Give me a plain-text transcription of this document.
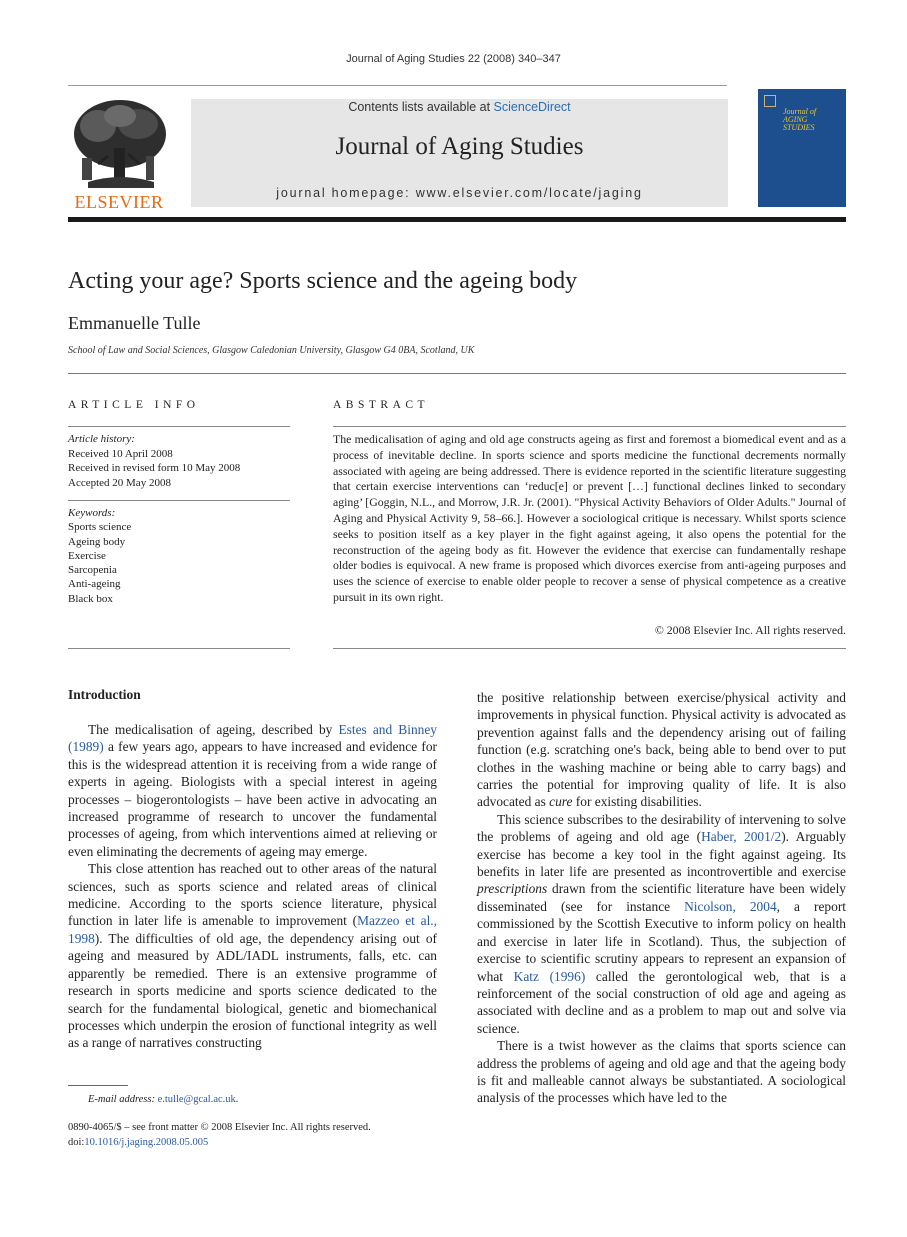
Journal of Aging Studies 22 (2008) 340–347
ELSEVIER
Contents lists available at ScienceDirect
Journal of Aging Studies
journal homepage: www.elsevier.com/locate/jaging
Journal of AGING STUDIES
Acting your age? Sports science and the ageing body
Emmanuelle Tulle
School of Law and Social Sciences, Glasgow Caledonian University, Glasgow G4 0BA, Scotland, UK
ARTICLE INFO
Article history:
Received 10 April 2008
Received in revised form 10 May 2008
Accepted 20 May 2008
Keywords:
Sports science
Ageing body
Exercise
Sarcopenia
Anti-ageing
Black box
ABSTRACT
The medicalisation of aging and old age constructs ageing as first and foremost a biomedical event and as a process of inevitable decline. In sports science and sports medicine the functional decrements normally associated with ageing are being addressed. There is evidence reported in the scientific literature suggesting that certain exercise interventions can ‘reduc[e] or prevent […] functional declines linked to secondary aging’ [Goggin, N.L., and Morrow, J.R. Jr. (2001). "Physical Activity Behaviors of Older Adults." Journal of Aging and Physical Activity 9, 58–66.]. However a sociological critique is necessary. Whilst sports science seeks to position itself as a key player in the fight against ageing, it also opens the potential for the reconstruction of the ageing body as fit. However the evidence that exercise can fundamentally reshape older bodies is equivocal. A new frame is proposed which divorces exercise from anti-ageing purposes and uses the science of exercise to enable older people to recover a sense of physical competence as a creative pursuit in its own right.
© 2008 Elsevier Inc. All rights reserved.
Introduction

The medicalisation of ageing, described by Estes and Binney (1989) a few years ago, appears to have increased and evidence for this is the widespread attention it is receiving from a wide range of experts in ageing. Biologists with a special interest in ageing processes – biogerontologists – have been active in advocating an increased programme of research to uncover the fundamental processes of ageing, from which interventions aimed at relieving or even eliminating the decrements of ageing may emerge.

This close attention has reached out to other areas of the natural sciences, such as sports science and related areas of clinical medicine. According to the sports science literature, physical function in later life is amenable to improvement (Mazzeo et al., 1998). The difficulties of old age, the dependency arising out of ageing and measured by ADL/IADL instruments, falls, etc. can apparently be remedied. There is an extensive programme of research in sports medicine and sports science dedicated to the search for the fundamental biological, genetic and biomechanical processes which underpin the erosion of functional integrity as well as a range of narratives constructing

the positive relationship between exercise/physical activity and improvements in physical function. Physical activity is advocated as prevention against falls and the dependency arising out of failing function (e.g. scratching one's back, being able to bend over to put clothes in the washing machine or being able to carry bags) and carries the potential for improving quality of life. It is also advocated as cure for existing disabilities.

This science subscribes to the desirability of intervening to solve the problems of ageing and old age (Haber, 2001/2). Arguably exercise has become a key tool in the fight against ageing. Its benefits in later life are presented as incontrovertible and exercise prescriptions drawn from the scientific literature have been widely disseminated (see for instance Nicolson, 2004, a report commissioned by the Scottish Executive to inform policy on health and exercise in later life in Scotland). Thus, the subjection of exercise to scientific scrutiny appears to represent an expansion of what Katz (1996) called the gerontological web, that is a reinforcement of the social construction of old age and ageing as associated with decline and as a problem to map out and solve via science.

There is a twist however as the claims that sports science can address the problems of ageing and old age and that the ageing body is fit and malleable cannot always be substantiated. A sociological analysis of the processes which have led to the

E-mail address: e.tulle@gcal.ac.uk.
0890-4065/$ – see front matter © 2008 Elsevier Inc. All rights reserved.
doi:10.1016/j.jaging.2008.05.005
